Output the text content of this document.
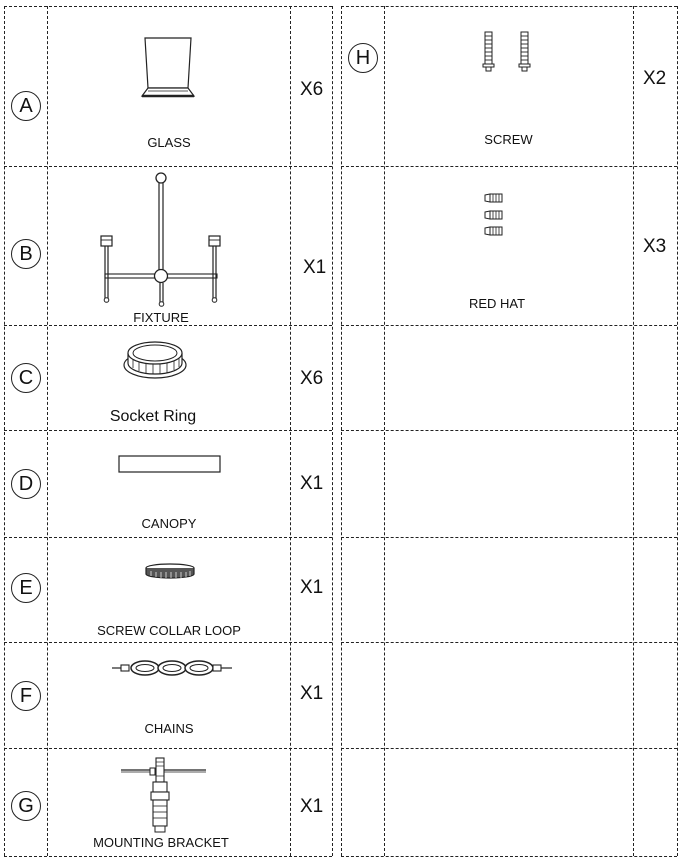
A
GLASS
X6
B
FIXTURE
X1
C
Socket Ring
X6
D
CANOPY
X1
E
SCREW COLLAR LOOP
X1
F
CHAINS
X1
G
MOUNTING BRACKET
X1
H
SCREW
X2
RED HAT
X3
